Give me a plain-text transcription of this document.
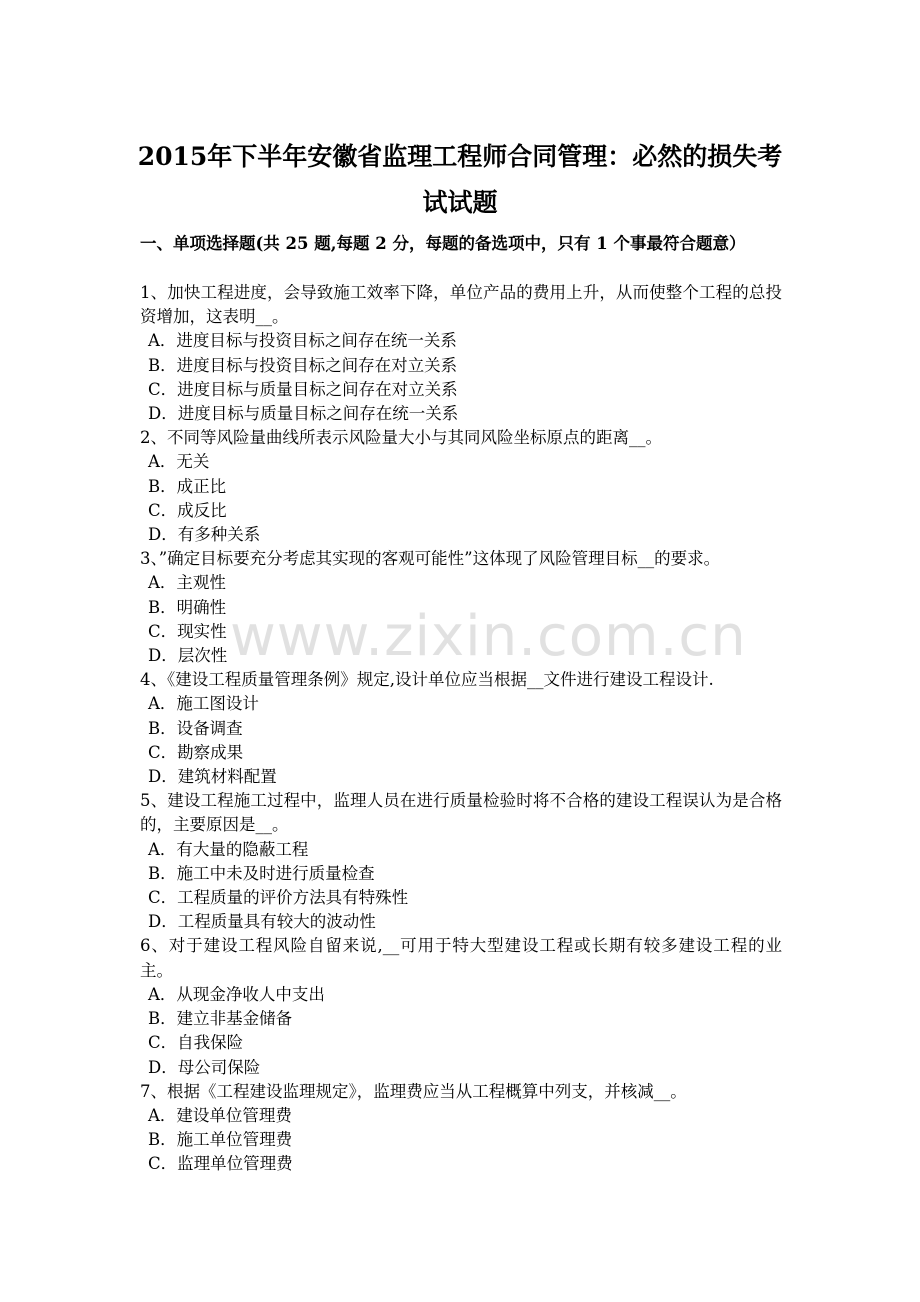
2015年下半年安徽省监理工程师合同管理：必然的损失考
试试题
一、单项选择题(共 25 题,每题 2 分，每题的备选项中，只有 1 个事最符合题意）
1、加快工程进度，会导致施工效率下降，单位产品的费用上升，从而使整个工程的总投资增加，这表明__。
A．进度目标与投资目标之间存在统一关系
B．进度目标与投资目标之间存在对立关系
C．进度目标与质量目标之间存在对立关系
D．进度目标与质量目标之间存在统一关系
2、不同等风险量曲线所表示风险量大小与其同风险坐标原点的距离__。
A．无关
B．成正比
C．成反比
D．有多种关系
3、”确定目标要充分考虑其实现的客观可能性”这体现了风险管理目标__的要求。
A．主观性
B．明确性
C．现实性
D．层次性
4、《建设工程质量管理条例》规定,设计单位应当根据__文件进行建设工程设计.
A．施工图设计
B．设备调查
C．勘察成果
D．建筑材料配置
5、建设工程施工过程中，监理人员在进行质量检验时将不合格的建设工程误认为是合格的，主要原因是__。
A．有大量的隐蔽工程
B．施工中未及时进行质量检查
C．工程质量的评价方法具有特殊性
D．工程质量具有较大的波动性
6、对于建设工程风险自留来说,__可用于特大型建设工程或长期有较多建设工程的业主。
A．从现金净收人中支出
B．建立非基金储备
C．自我保险
D．母公司保险
7、根据《工程建设监理规定》，监理费应当从工程概算中列支，并核减__。
A．建设单位管理费
B．施工单位管理费
C．监理单位管理费
www.zixin.com.cn
